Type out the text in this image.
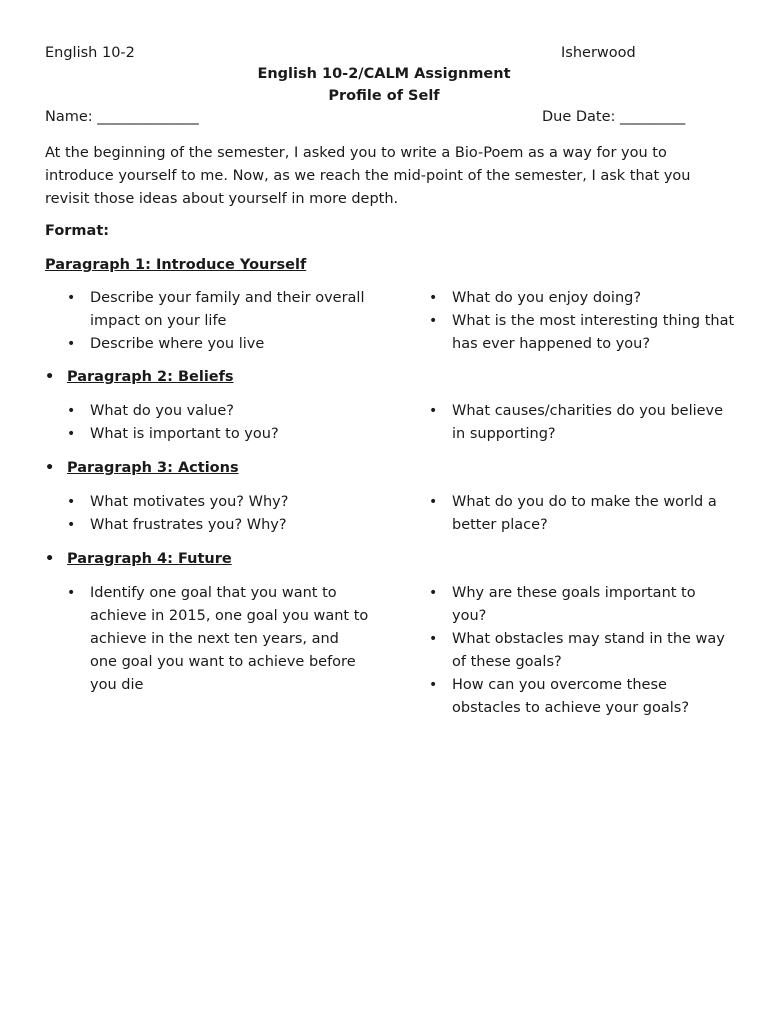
English 10-2	Isherwood
English 10-2/CALM Assignment
Profile of Self
Name: ______________	Due Date: _________

At the beginning of the semester, I asked you to write a Bio-Poem as a way for you to introduce yourself to me. Now, as we reach the mid-point of the semester, I ask that you revisit those ideas about yourself in more depth.

Format:
Paragraph 1: Introduce Yourself
• Describe your family and their overall impact on your life
• Describe where you live
• What do you enjoy doing?
• What is the most interesting thing that has ever happened to you?
• Paragraph 2: Beliefs
• What do you value?
• What is important to you?
• What causes/charities do you believe in supporting?
• Paragraph 3: Actions
• What motivates you? Why?
• What frustrates you? Why?
• What do you do to make the world a better place?
• Paragraph 4: Future
• Identify one goal that you want to achieve in 2015, one goal you want to achieve in the next ten years, and one goal you want to achieve before you die
• Why are these goals important to you?
• What obstacles may stand in the way of these goals?
• How can you overcome these obstacles to achieve your goals?
